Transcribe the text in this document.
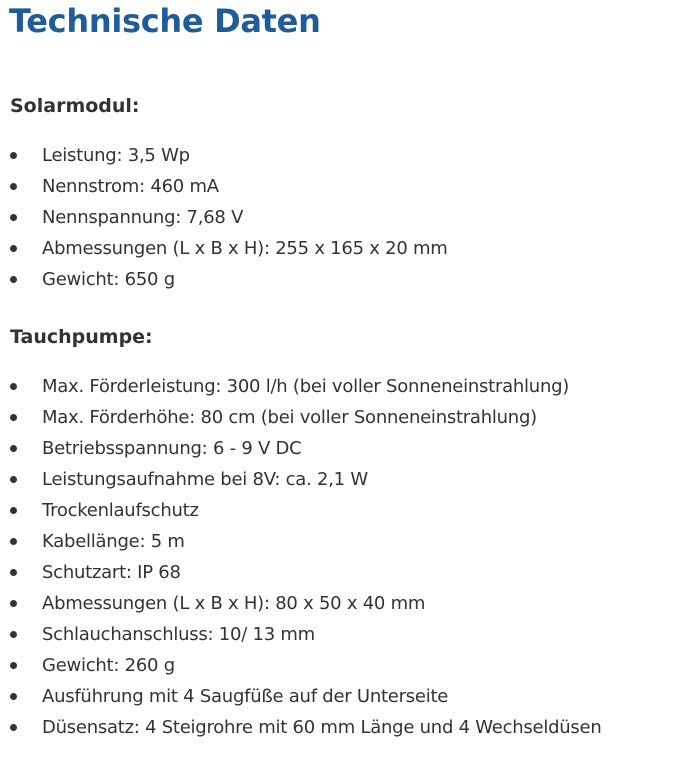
Technische Daten
Solarmodul:
Leistung: 3,5 Wp
Nennstrom: 460 mA
Nennspannung: 7,68 V
Abmessungen (L x B x H): 255 x 165 x 20 mm
Gewicht: 650 g
Tauchpumpe:
Max. Förderleistung: 300 l/h (bei voller Sonneneinstrahlung)
Max. Förderhöhe: 80 cm (bei voller Sonneneinstrahlung)
Betriebsspannung: 6 - 9 V DC
Leistungsaufnahme bei 8V: ca. 2,1 W
Trockenlaufschutz
Kabellänge: 5 m
Schutzart: IP 68
Abmessungen (L x B x H): 80 x 50 x 40 mm
Schlauchanschluss: 10/ 13 mm
Gewicht: 260 g
Ausführung mit 4 Saugfüße auf der Unterseite
Düsensatz: 4 Steigrohre mit 60 mm Länge und 4 Wechseldüsen
